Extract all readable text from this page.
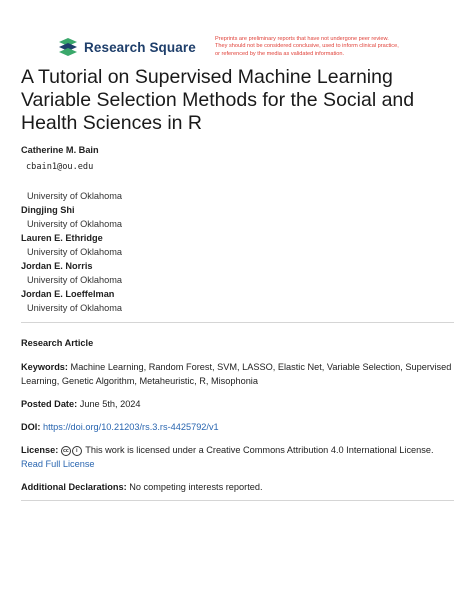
Research Square
Preprints are preliminary reports that have not undergone peer review.
They should not be considered conclusive, used to inform clinical practice,
or referenced by the media as validated information.
A Tutorial on Supervised Machine Learning Variable Selection Methods for the Social and Health Sciences in R
Catherine M. Bain
cbain1@ou.edu
University of Oklahoma
Dingjing Shi
University of Oklahoma
Lauren E. Ethridge
University of Oklahoma
Jordan E. Norris
University of Oklahoma
Jordan E. Loeffelman
University of Oklahoma
Research Article
Keywords: Machine Learning, Random Forest, SVM, LASSO, Elastic Net, Variable Selection, Supervised Learning, Genetic Algorithm, Metaheuristic, R, Misophonia
Posted Date: June 5th, 2024
DOI: https://doi.org/10.21203/rs.3.rs-4425792/v1
License: cc i This work is licensed under a Creative Commons Attribution 4.0 International License.
Read Full License
Additional Declarations: No competing interests reported.
